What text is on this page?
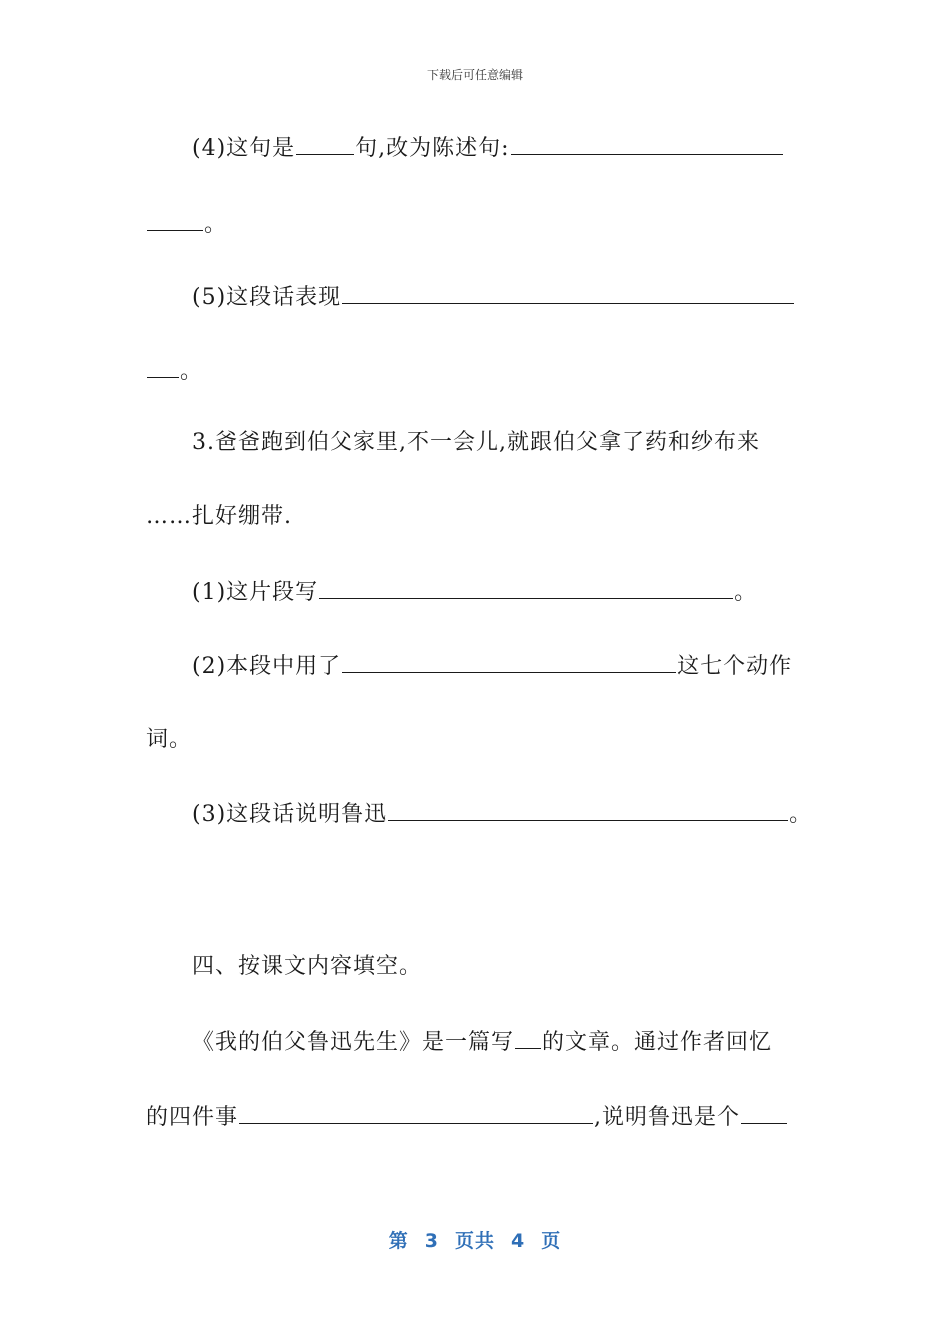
下载后可任意编辑
(4)这句是	句,改为陈述句:
。
(5)这段话表现
。
3.爸爸跑到伯父家里,不一会儿,就跟伯父拿了药和纱布来
……扎好绷带.
(1)这片段写	。
(2)本段中用了	这七个动作
词。
(3)这段话说明鲁迅	。
四、按课文内容填空。
《我的伯父鲁迅先生》是一篇写 的文章。通过作者回忆
的四件事	,说明鲁迅是个
第 3 页共 4 页
